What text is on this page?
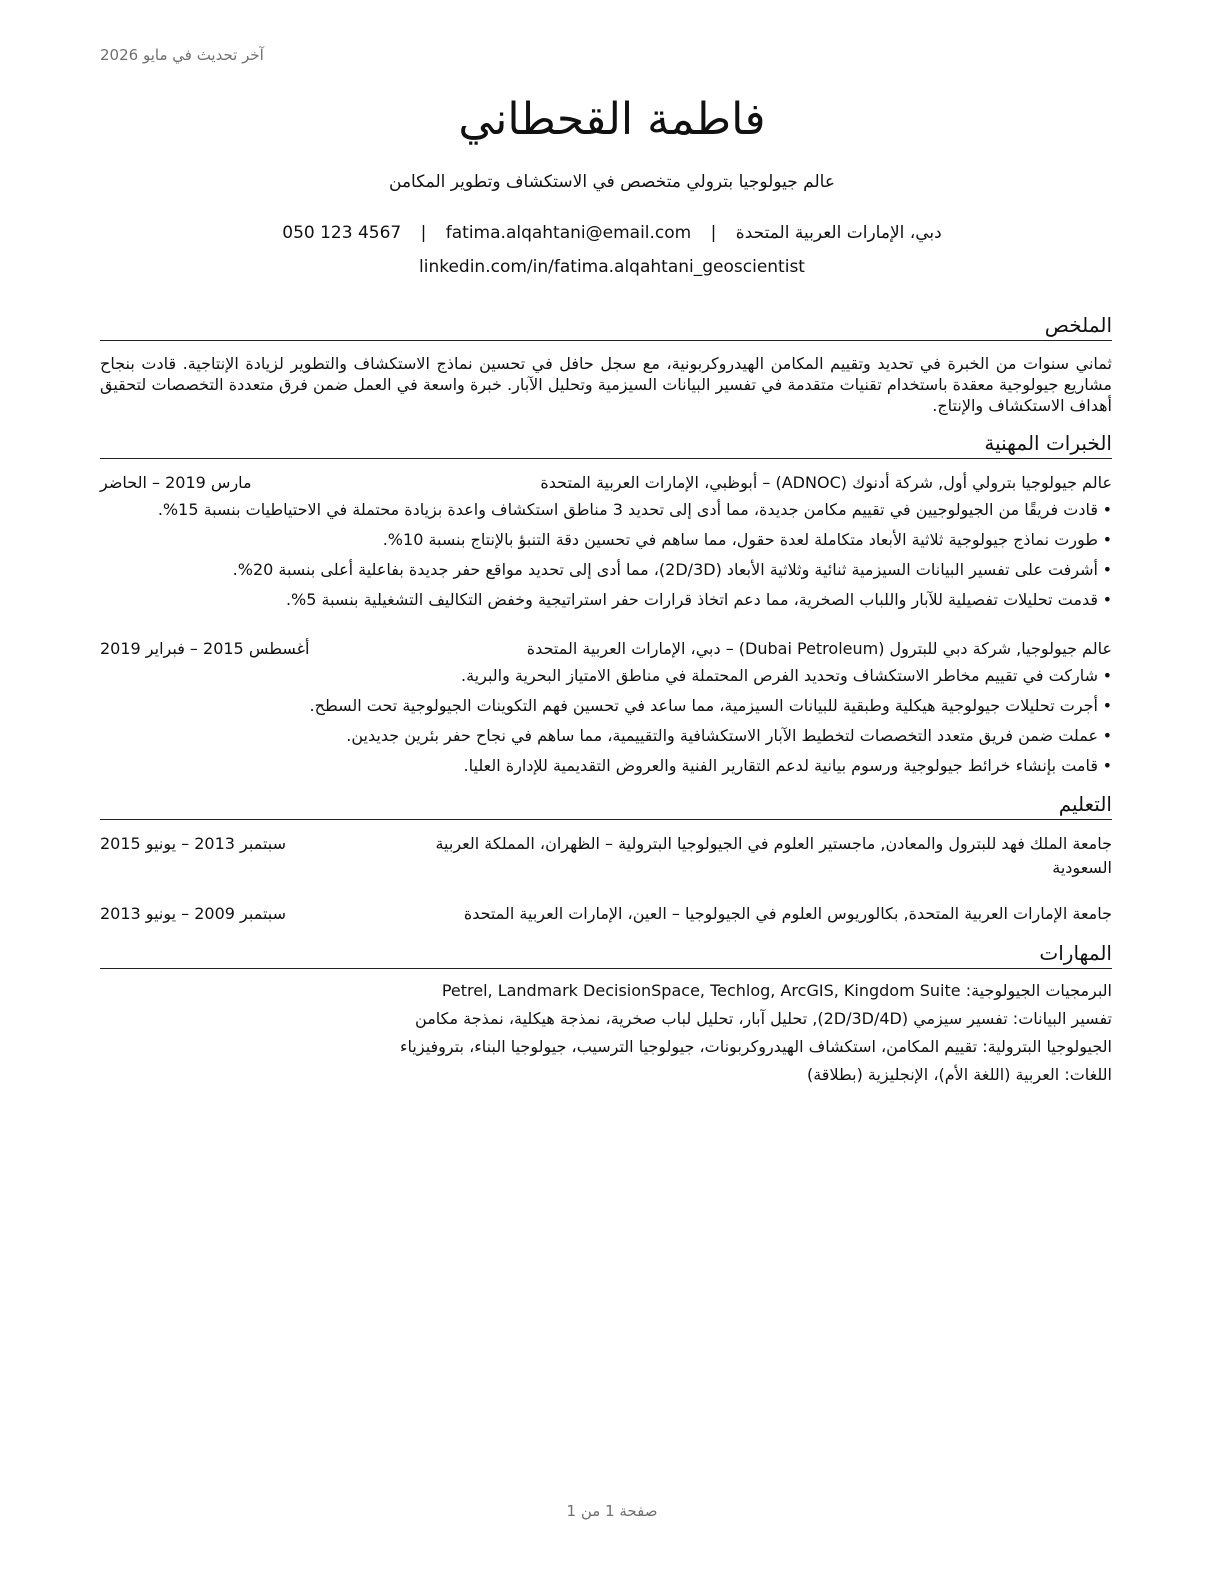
آخر تحديث في مايو 2026
فاطمة القحطاني
عالم جيولوجيا بترولي متخصص في الاستكشاف وتطوير المكامن
دبي، الإمارات العربية المتحدة | fatima.alqahtani@email.com | 050 123 4567
linkedin.com/in/fatima.alqahtani_geoscientist
الملخص

ثماني سنوات من الخبرة في تحديد وتقييم المكامن الهيدروكربونية، مع سجل حافل في تحسين نماذج الاستكشاف والتطوير لزيادة الإنتاجية. قادت بنجاح مشاريع جيولوجية معقدة باستخدام تقنيات متقدمة في تفسير البيانات السيزمية وتحليل الآبار. خبرة واسعة في العمل ضمن فرق متعددة التخصصات لتحقيق أهداف الاستكشاف والإنتاج.

الخبرات المهنية
عالم جيولوجيا بترولي أول, شركة أدنوك (ADNOC) – أبوظبي، الإمارات العربية المتحدة
مارس 2019 – الحاضر
• قادت فريقًا من الجيولوجيين في تقييم مكامن جديدة، مما أدى إلى تحديد 3 مناطق استكشاف واعدة بزيادة محتملة في الاحتياطيات بنسبة 15%.
• طورت نماذج جيولوجية ثلاثية الأبعاد متكاملة لعدة حقول، مما ساهم في تحسين دقة التنبؤ بالإنتاج بنسبة 10%.
• أشرفت على تفسير البيانات السيزمية ثنائية وثلاثية الأبعاد (2D/3D)، مما أدى إلى تحديد مواقع حفر جديدة بفاعلية أعلى بنسبة 20%.
• قدمت تحليلات تفصيلية للآبار واللباب الصخرية، مما دعم اتخاذ قرارات حفر استراتيجية وخفض التكاليف التشغيلية بنسبة 5%.
عالم جيولوجيا, شركة دبي للبترول (Dubai Petroleum) – دبي، الإمارات العربية المتحدة
أغسطس 2015 – فبراير 2019
• شاركت في تقييم مخاطر الاستكشاف وتحديد الفرص المحتملة في مناطق الامتياز البحرية والبرية.
• أجرت تحليلات جيولوجية هيكلية وطبقية للبيانات السيزمية، مما ساعد في تحسين فهم التكوينات الجيولوجية تحت السطح.
• عملت ضمن فريق متعدد التخصصات لتخطيط الآبار الاستكشافية والتقييمية، مما ساهم في نجاح حفر بئرين جديدين.
• قامت بإنشاء خرائط جيولوجية ورسوم بيانية لدعم التقارير الفنية والعروض التقديمية للإدارة العليا.
التعليم
جامعة الملك فهد للبترول والمعادن, ماجستير العلوم في الجيولوجيا البترولية – الظهران، المملكة العربية
سبتمبر 2013 – يونيو 2015
السعودية
جامعة الإمارات العربية المتحدة, بكالوريوس العلوم في الجيولوجيا – العين، الإمارات العربية المتحدة
سبتمبر 2009 – يونيو 2013
المهارات
البرمجيات الجيولوجية: Petrel, Landmark DecisionSpace, Techlog, ArcGIS, Kingdom Suite
تفسير البيانات: تفسير سيزمي (2D/3D/4D), تحليل آبار، تحليل لباب صخرية، نمذجة هيكلية، نمذجة مكامن
الجيولوجيا البترولية: تقييم المكامن، استكشاف الهيدروكربونات، جيولوجيا الترسيب، جيولوجيا البناء، بتروفيزياء
اللغات: العربية (اللغة الأم)، الإنجليزية (بطلاقة)
صفحة 1 من 1
